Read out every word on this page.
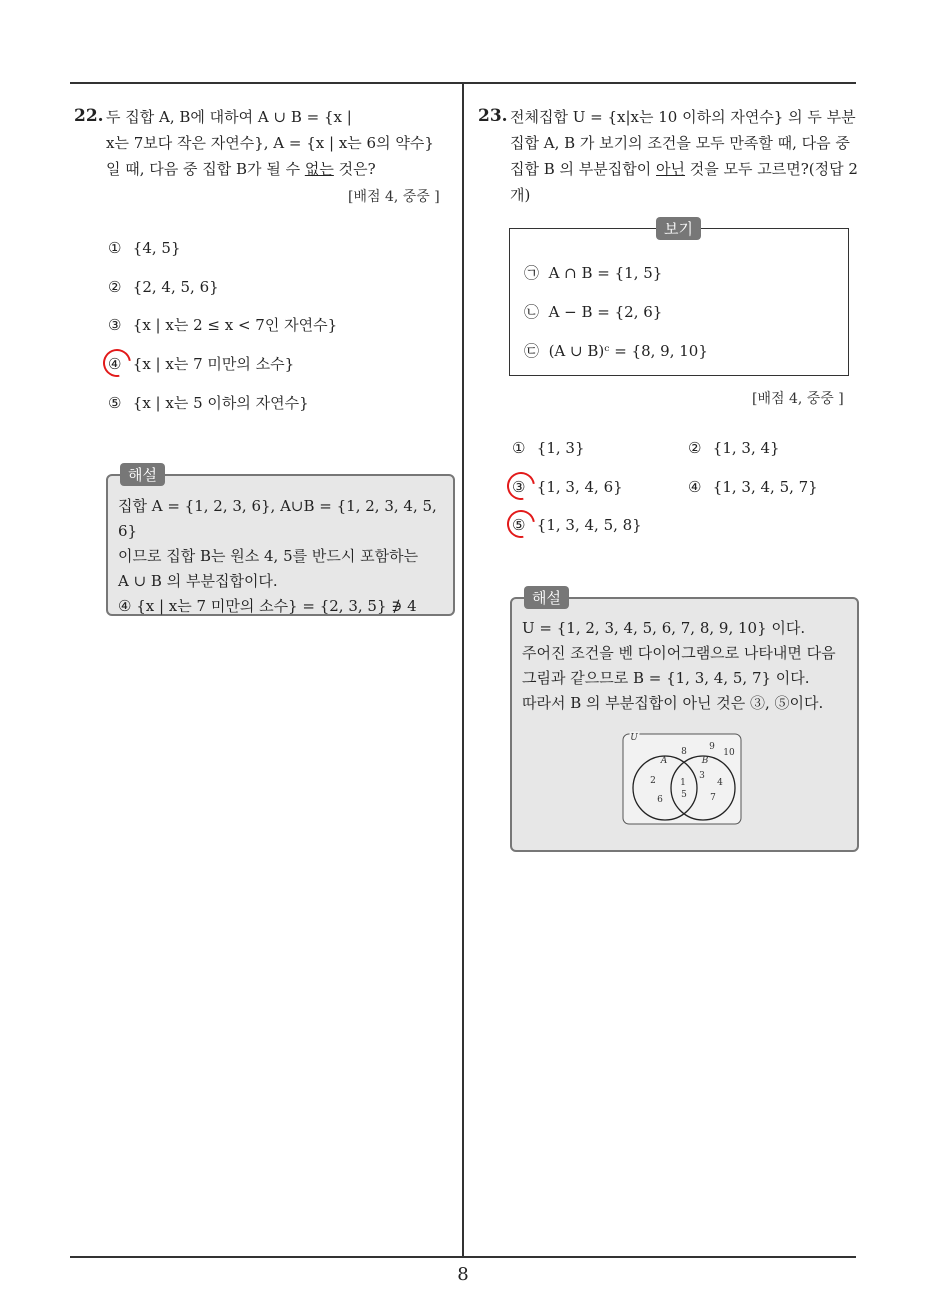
22. 두 집합 A, B에 대하여 A ∪ B = {x |
x는 7보다 작은 자연수}, A = {x | x는 6의 약수}
일 때, 다음 중 집합 B가 될 수 없는 것은?
[배점 4, 중중 ]
① {4, 5}
② {2, 4, 5, 6}
③ {x | x는 2 ≤ x < 7인 자연수}
④ {x | x는 7 미만의 소수}
⑤ {x | x는 5 이하의 자연수}
해설
집합 A = {1, 2, 3, 6}, A∪B = {1, 2, 3, 4, 5, 6}
이므로 집합 B는 원소 4, 5를 반드시 포함하는
A ∪ B 의 부분집합이다.
④ {x | x는 7 미만의 소수} = {2, 3, 5} ∌ 4
23. 전체집합 U = {x|x는 10 이하의 자연수} 의 두 부분
집합 A, B 가 보기의 조건을 모두 만족할 때, 다음 중
집합 B 의 부분집합이 아닌 것을 모두 고르면?(정답 2
개)
보기
㉠ A ∩ B = {1, 5}
㉡ A − B = {2, 6}
㉢ (A ∪ B)ᶜ = {8, 9, 10}
[배점 4, 중중 ]
① {1, 3}	② {1, 3, 4}
③ {1, 3, 4, 6}	④ {1, 3, 4, 5, 7}
⑤ {1, 3, 4, 5, 8}
해설
U = {1, 2, 3, 4, 5, 6, 7, 8, 9, 10} 이다.
주어진 조건을 벤 다이어그램으로 나타내면 다음
그림과 같으므로 B = {1, 3, 4, 5, 7} 이다.
따라서 B 의 부분집합이 아닌 것은 ③, ⑤이다.
U
A	B
8 9
10
2
6
1
5
3
4
7
8
